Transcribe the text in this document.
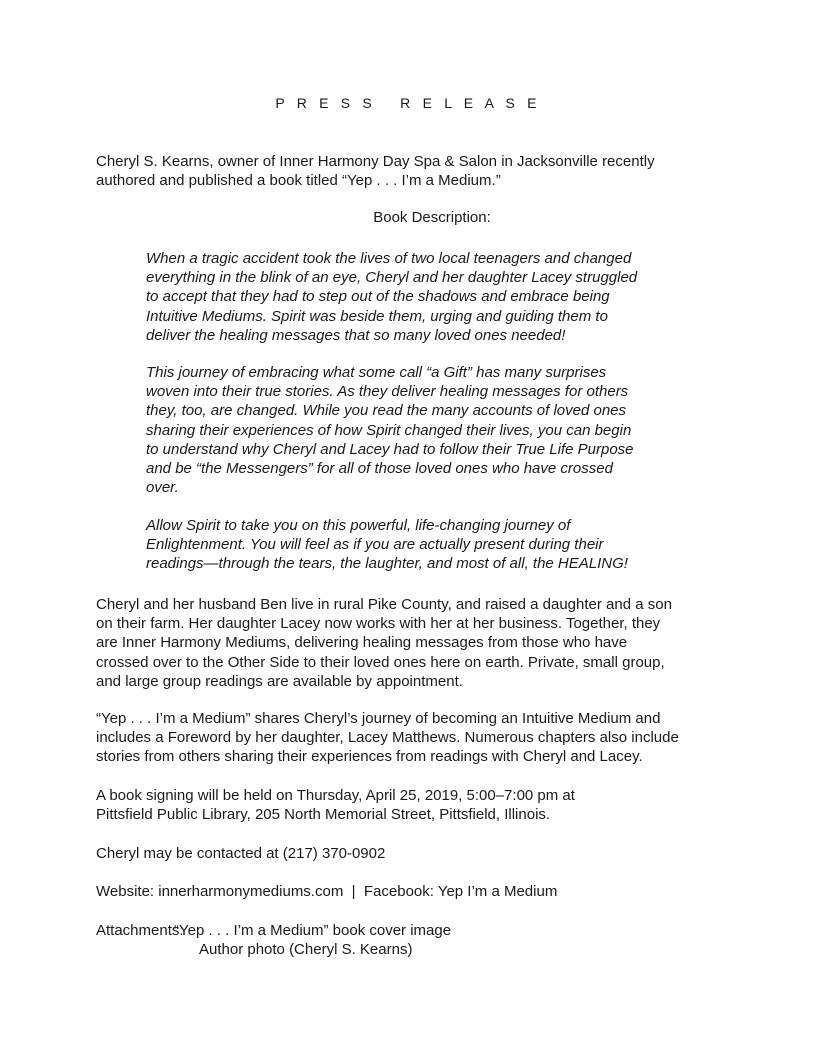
P R E S S   R E L E A S E

Cheryl S. Kearns, owner of Inner Harmony Day Spa & Salon in Jacksonville recently
authored and published a book titled “Yep . . . I’m a Medium.”

Book Description:

When a tragic accident took the lives of two local teenagers and changed
everything in the blink of an eye, Cheryl and her daughter Lacey struggled
to accept that they had to step out of the shadows and embrace being
Intuitive Mediums. Spirit was beside them, urging and guiding them to
deliver the healing messages that so many loved ones needed!

This journey of embracing what some call “a Gift” has many surprises
woven into their true stories. As they deliver healing messages for others
they, too, are changed. While you read the many accounts of loved ones
sharing their experiences of how Spirit changed their lives, you can begin
to understand why Cheryl and Lacey had to follow their True Life Purpose
and be “the Messengers” for all of those loved ones who have crossed
over.

Allow Spirit to take you on this powerful, life-changing journey of
Enlightenment. You will feel as if you are actually present during their
readings—through the tears, the laughter, and most of all, the HEALING!

Cheryl and her husband Ben live in rural Pike County, and raised a daughter and a son
on their farm. Her daughter Lacey now works with her at her business. Together, they
are Inner Harmony Mediums, delivering healing messages from those who have
crossed over to the Other Side to their loved ones here on earth. Private, small group,
and large group readings are available by appointment.

“Yep . . . I’m a Medium” shares Cheryl’s journey of becoming an Intuitive Medium and
includes a Foreword by her daughter, Lacey Matthews. Numerous chapters also include
stories from others sharing their experiences from readings with Cheryl and Lacey.

A book signing will be held on Thursday, April 25, 2019, 5:00–7:00 pm at
Pittsfield Public Library, 205 North Memorial Street, Pittsfield, Illinois.

Cheryl may be contacted at (217) 370-0902
Website: innerharmonymediums.com  |  Facebook: Yep I’m a Medium
Attachments:
“Yep . . . I’m a Medium” book cover image
Author photo (Cheryl S. Kearns)
